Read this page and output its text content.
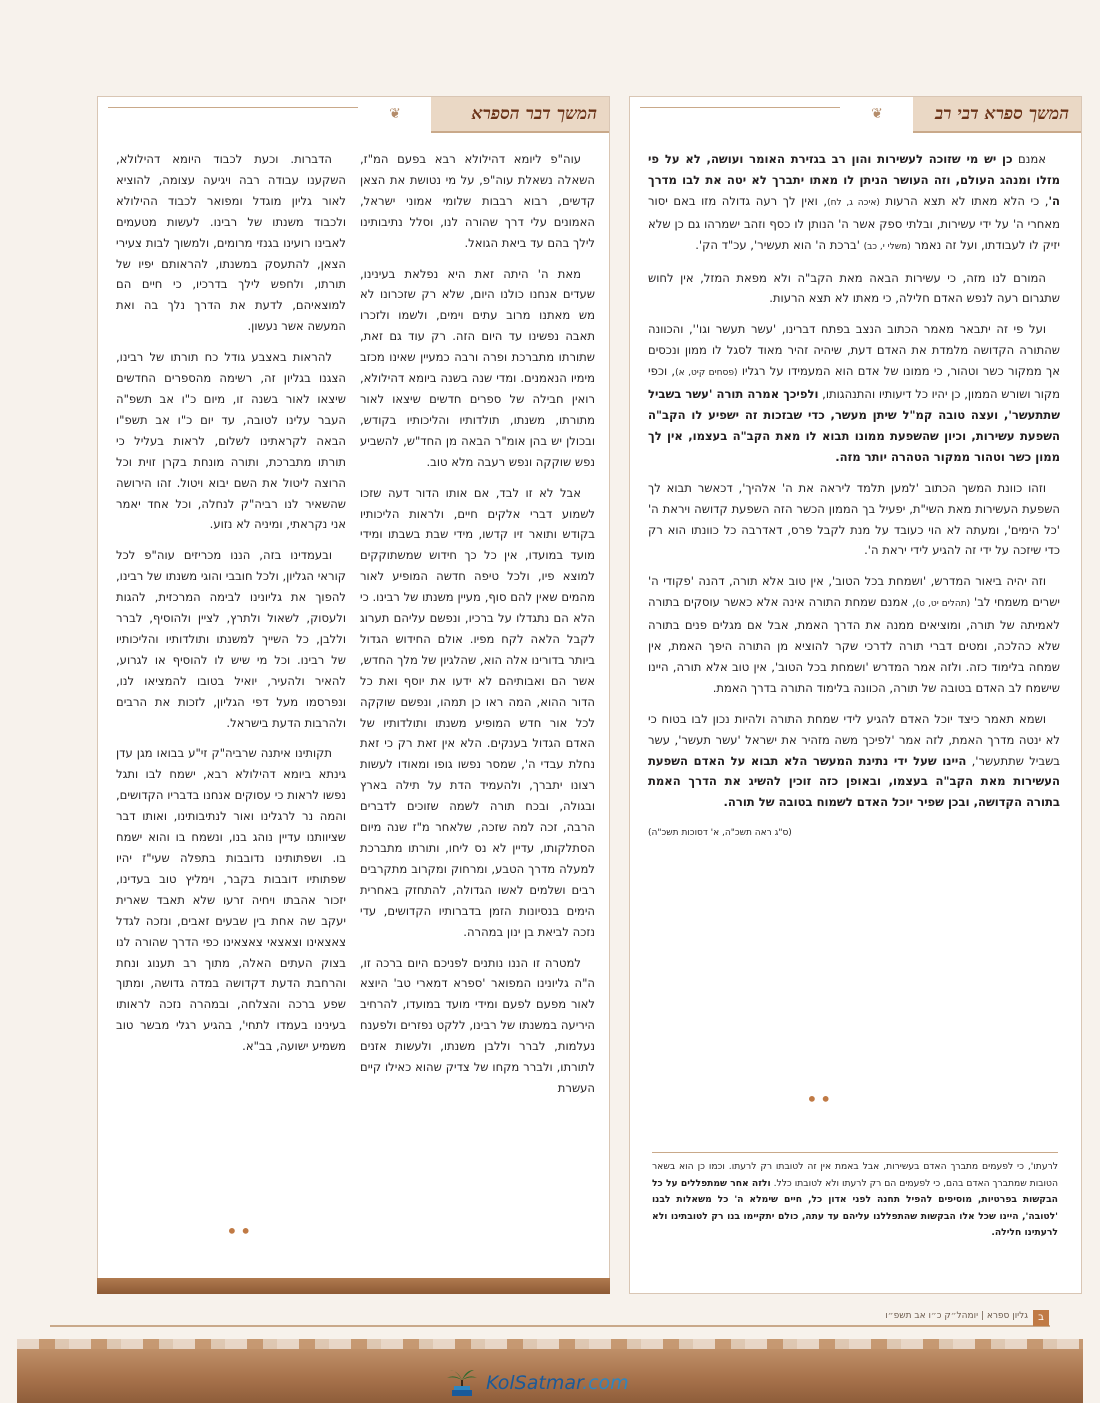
❦	המשך ספרא דבי רב

אמנם כן יש מי שזוכה לעשירות והון רב בגזירת האומר ועושה, לא על פי מזלו ומנהג העולם, וזה העושר הניתן לו מאתו יתברך לא יטה את לבו מדרך ה', כי הלא מאתו לא תצא הרעות (איכה ג, לח), ואין לך רעה גדולה מזו באם יסור מאחרי ה' על ידי עשירות, ובלתי ספק אשר ה' הנותן לו כסף וזהב ישמרהו גם כן שלא יזיק לו לעבודתו, ועל זה נאמר (משלי י, כב) 'ברכת ה' הוא תעשיר', עכ"ד הק'.

המורם לנו מזה, כי עשירות הבאה מאת הקב"ה ולא מפאת המזל, אין לחוש שתגרום רעה לנפש האדם חלילה, כי מאתו לא תצא הרעות.

ועל פי זה יתבאר מאמר הכתוב הנצב בפתח דברינו, 'עשר תעשר וגו'', והכוונה שהתורה הקדושה מלמדת את האדם דעת, שיהיה זהיר מאוד לסגל לו ממון ונכסים אך ממקור כשר וטהור, כי ממונו של אדם הוא המעמידו על רגליו (פסחים קיט, א), וכפי מקור ושורש הממון, כן יהיו כל דיעותיו והתנהגותו, ולפיכך אמרה תורה 'עשר בשביל שתתעשר', ועצה טובה קמ"ל שיתן מעשר, כדי שבזכות זה ישפיע לו הקב"ה השפעת עשירות, וכיון שהשפעת ממונו תבוא לו מאת הקב"ה בעצמו, אין לך ממון כשר וטהור ממקור הטהרה יותר מזה.

וזהו כוונת המשך הכתוב 'למען תלמד ליראה את ה' אלהיך', דכאשר תבוא לך השפעת העשירות מאת השי"ת, יפעיל בך הממון הכשר הזה השפעת קדושה ויראת ה' 'כל הימים', ומעתה לא הוי כעובד על מנת לקבל פרס, דאדרבה כל כוונתו הוא רק כדי שיזכה על ידי זה להגיע לידי יראת ה'.

וזה יהיה ביאור המדרש, 'ושמחת בכל הטוב', אין טוב אלא תורה, דהנה 'פקודי ה' ישרים משמחי לב' (תהלים יט, ט), אמנם שמחת התורה אינה אלא כאשר עוסקים בתורה לאמיתה של תורה, ומוציאים ממנה את הדרך האמת, אבל אם מגלים פנים בתורה שלא כהלכה, ומטים דברי תורה לדרכי שקר להוציא מן התורה היפך האמת, אין שמחה בלימוד כזה. ולזה אמר המדרש 'ושמחת בכל הטוב', אין טוב אלא תורה, היינו שישמח לב האדם בטובה של תורה, הכוונה בלימוד התורה בדרך האמת.

ושמא תאמר כיצד יוכל האדם להגיע לידי שמחת התורה ולהיות נכון לבו בטוח כי לא ינטה מדרך האמת, לזה אמר 'לפיכך משה מזהיר את ישראל 'עשר תעשר', עשר בשביל שתתעשר', היינו שעל ידי נתינת המעשר הלא תבוא על האדם השפעת העשירות מאת הקב"ה בעצמו, ובאופן כזה זוכין להשיג את הדרך האמת בתורה הקדושה, ובכן שפיר יוכל האדם לשמוח בטובה של תורה.

(ס"ג ראה תשכ"ה, א' דסוכות תשכ"ה)
••
לרעתו', כי לפעמים מתברך האדם בעשירות, אבל באמת אין זה לטובתו רק לרעתו. וכמו כן הוא בשאר הטובות שמתברך האדם בהם, כי לפעמים הם רק לרעתו ולא לטובתו כלל. ולזה אחר שמתפללים על כל הבקשות בפרטיות, מוסיפים להפיל תחנה לפני אדון כל, חיים שימלא ה' כל משאלות לבנו 'לטובה', היינו שכל אלו הבקשות שהתפללנו עליהם עד עתה, כולם יתקיימו בנו רק לטובתינו ולא לרעתינו חלילה.
❦	המשך דבר הספרא

עוה"פ ליומא דהילולא רבא בפעם המ"ז, השאלה נשאלת עוה"פ, על מי נטושת את הצאן קדשים, רבוא רבבות שלומי אמוני ישראל, האמונים עלי דרך שהורה לנו, וסלל נתיבותינו לילך בהם עד ביאת הגואל.

מאת ה' היתה זאת היא נפלאת בעינינו, שעדים אנחנו כולנו היום, שלא רק שזכרונו לא מש מאתנו מרוב עתים וימים, ולשמו ולזכרו תאבה נפשינו עד היום הזה. רק עוד גם זאת, שתורתו מתברכת ופרה ורבה כמעיין שאינו מכזב מימיו הנאמנים. ומדי שנה בשנה ביומא דהילולא, רואין חבילה של ספרים חדשים שיצאו לאור מתורתו, משנתו, תולדותיו והליכותיו בקודש, ובכולן יש בהן אומ"ר הבאה מן החד"ש, להשביע נפש שוקקה ונפש רעבה מלא טוב.

אבל לא זו לבד, אם אותו הדור דעה שזכו לשמוע דברי אלקים חיים, ולראות הליכותיו בקודש ותואר זיו קדשו, מידי שבת בשבתו ומידי מועד במועדו, אין כל כך חידוש שמשתוקקים למוצא פיו, ולכל טיפה חדשה המופיע לאור מהמים שאין להם סוף, מעיין משנתו של רבינו. כי הלא הם נתגדלו על ברכיו, ונפשם עליהם תערוג לקבל הלאה לקח מפיו. אולם החידוש הגדול ביותר בדורינו אלה הוא, שהלגיון של מלך החדש, אשר הם ואבותיהם לא ידעו את יוסף ואת כל הדור ההוא, המה ראו כן תמהו, ונפשם שוקקה לכל אור חדש המופיע משנתו ותולדותיו של האדם הגדול בענקים. הלא אין זאת רק כי זאת נחלת עבדי ה', שמסר נפשו גופו ומאודו לעשות רצונו יתברך, ולהעמיד הדת על תילה בארץ ובגולה, ובכח תורה לשמה שזוכים לדברים הרבה, זכה למה שזכה, שלאחר מ"ז שנה מיום הסתלקותו, עדיין לא נס ליחו, ותורתו מתברכת למעלה מדרך הטבע, ומרחוק ומקרוב מתקרבים רבים ושלמים לאשו הגדולה, להתחזק באחרית הימים בנסיונות הזמן בדברותיו הקדושים, עדי נזכה לביאת בן ינון במהרה.

למטרה זו הננו נותנים לפניכם היום ברכה זו, ה"ה גליונינו המפואר 'ספרא דמארי טב' היוצא לאור מפעם לפעם ומידי מועד במועדו, להרחיב היריעה במשנתו של רבינו, ללקט נפזרים ולפענח נעלמות, לברר וללבן משנתו, ולעשות אזנים לתורתו, ולברר מקחו של צדיק שהוא כאילו קיים העשרת

הדברות. וכעת לכבוד היומא דהילולא, השקענו עבודה רבה ויגיעה עצומה, להוציא לאור גליון מוגדל ומפואר לכבוד ההילולא ולכבוד משנתו של רבינו. לעשות מטעמים לאבינו רועינו בגנזי מרומים, ולמשוך לבות צעירי הצאן, להתעסק במשנתו, להראותם יפיו של תורתו, ולחפש לילך בדרכיו, כי חיים הם למוצאיהם, לדעת את הדרך נלך בה ואת המעשה אשר נעשון.

להראות באצבע גודל כח תורתו של רבינו, הצגנו בגליון זה, רשימה מהספרים החדשים שיצאו לאור בשנה זו, מיום כ"ו אב תשפ"ה העבר עלינו לטובה, עד יום כ"ו אב תשפ"ו הבאה לקראתינו לשלום, לראות בעליל כי תורתו מתברכת, ותורה מונחת בקרן זוית וכל הרוצה ליטול את השם יבוא ויטול. זהו הירושה שהשאיר לנו רביה"ק לנחלה, וכל אחד יאמר אני נקראתי, ומיניה לא נזוע.

ובעמדינו בזה, הננו מכריזים עוה"פ לכל קוראי הגליון, ולכל חובבי והוגי משנתו של רבינו, להפוך את גליונינו לבימה המרכזית, להגות ולעסוק, לשאול ולתרץ, לציין ולהוסיף, לברר וללבן, כל השייך למשנתו ותולדותיו והליכותיו של רבינו. וכל מי שיש לו להוסיף או לגרוע, להאיר ולהעיר, יואיל בטובו להמציאו לנו, ונפרסמו מעל דפי הגליון, לזכות את הרבים ולהרבות הדעת בישראל.

תקותינו איתנה שרביה"ק זי"ע בבואו מגן עדן גינתא ביומא דהילולא רבא, ישמח לבו ותגל נפשו לראות כי עסוקים אנחנו בדבריו הקדושים, והמה נר לרגלינו ואור לנתיבותינו, ואותו דבר שציוותנו עדיין נוהג בנו, ונשמח בו והוא ישמח בו. ושפתותינו נדובבות בתפלה שעי"ז יהיו שפתותיו דובבות בקבר, וימליץ טוב בעדינו, יזכור אהבתו ויחיה זרעו שלא תאבד שארית יעקב שה אחת בין שבעים זאבים, ונזכה לגדל צאצאינו וצאצאי צאצאינו כפי הדרך שהורה לנו בצוק העתים האלה, מתוך רב תענוג ונחת והרחבת הדעת דקדושה במדה גדושה, ומתוך שפע ברכה והצלחה, ובמהרה נזכה לראותו בעינינו בעמדו לתחי', בהגיע רגלי מבשר טוב משמיע ישועה, בב"א.

••
ב
גליון ספרא | יומהל״ק כ״ו אב תשפ״ו
KolSatmar.com
